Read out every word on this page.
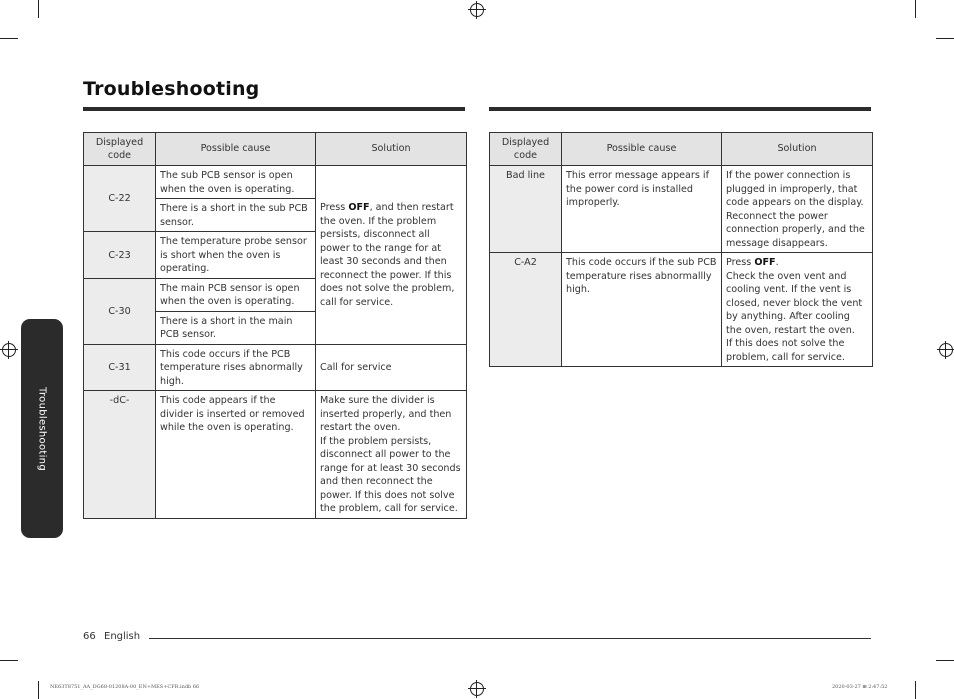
Troubleshooting
Displayed code	Possible cause	Solution
C-22	The sub PCB sensor is open when the oven is operating.	Press OFF, and then restart the oven. If the problem persists, disconnect all power to the range for at least 30 seconds and then reconnect the power. If this does not solve the problem, call for service.
	There is a short in the sub PCB sensor.	
C-23	The temperature probe sensor is short when the oven is operating.	
C-30	The main PCB sensor is open when the oven is operating.	
	There is a short in the main PCB sensor.	
C-31	This code occurs if the PCB temperature rises abnormally high.	Call for service
-dC-	This code appears if the divider is inserted or removed while the oven is operating.	Make sure the divider is inserted properly, and then restart the oven.
If the problem persists, disconnect all power to the range for at least 30 seconds and then reconnect the power. If this does not solve the problem, call for service.
Displayed code	Possible cause	Solution
Bad line	This error message appears if the power cord is installed improperly.	If the power connection is plugged in improperly, that code appears on the display. Reconnect the power connection properly, and the message disappears.
C-A2	This code occurs if the sub PCB temperature rises abnormallly high.	Press OFF.
Check the oven vent and cooling vent. If the vent is closed, never block the vent by anything. After cooling the oven, restart the oven.
If this does not solve the problem, call for service.
Troubleshooting
66 English
NE63T8751_AA_DG68-01208A-00_EN+MES+CFR.indb 66	2020-03-27 ⊞ 2:47:52
